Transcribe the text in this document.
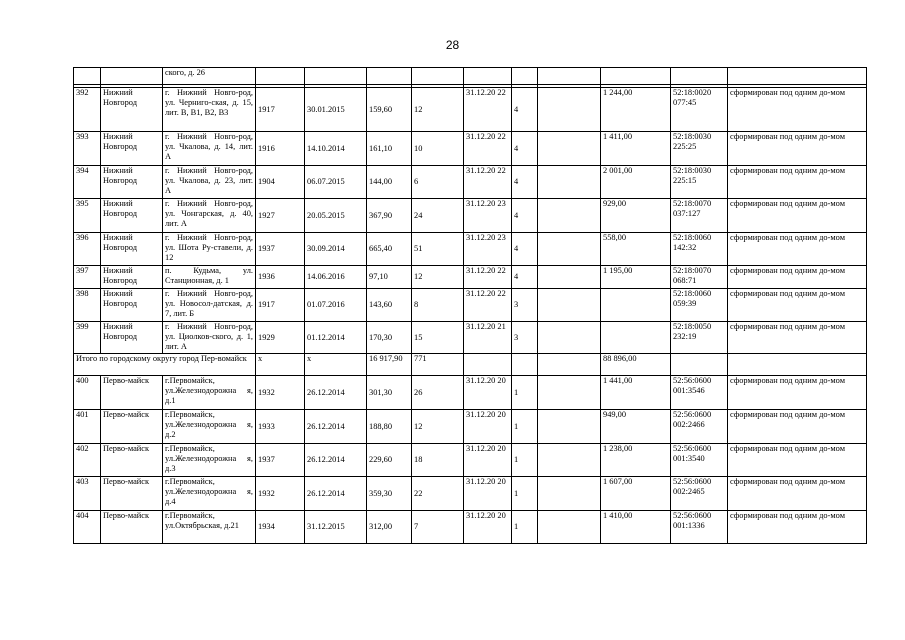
28
		ского, д. 26										

392	Нижний Новгород	г. Нижний Новго-род, ул. Черниго-ская, д. 15, лит. В, В1, В2, В3	1917	30.01.2015	159,60	12	31.12.20 22	4		1 244,00	52:18:0020 077:45	сформирован под одним до-мом
393	Нижний Новгород	г. Нижний Новго-род, ул. Чкалова, д. 14, лит. А	1916	14.10.2014	161,10	10	31.12.20 22	4		1 411,00	52:18:0030 225:25	сформирован под одним до-мом
394	Нижний Новгород	г. Нижний Новго-род, ул. Чкалова, д. 23, лит. А	1904	06.07.2015	144,00	6	31.12.20 22	4		2 001,00	52:18:0030 225:15	сформирован под одним до-мом
395	Нижний Новгород	г. Нижний Новго-род, ул. Чонгарская, д. 40, лит. А	1927	20.05.2015	367,90	24	31.12.20 23	4		929,00	52:18:0070 037:127	сформирован под одним до-мом
396	Нижний Новгород	г. Нижний Новго-род, ул. Шота Ру-ставели, д. 12	1937	30.09.2014	665,40	51	31.12.20 23	4		558,00	52:18:0060 142:32	сформирован под одним до-мом
397	Нижний Новгород	п. Кудьма, ул. Станционная, д. 1	1936	14.06.2016	97,10	12	31.12.20 22	4		1 195,00	52:18:0070 068:71	сформирован под одним до-мом
398	Нижний Новгород	г. Нижний Новго-род, ул. Новосол-датская, д. 7, лит. Б	1917	01.07.2016	143,60	8	31.12.20 22	3			52:18:0060 059:39	сформирован под одним до-мом
399	Нижний Новгород	г. Нижний Новго-род, ул. Циолков-ского, д. 1, лит. А	1929	01.12.2014	170,30	15	31.12.20 21	3			52:18:0050 232:19	сформирован под одним до-мом
Итого по городскому округу город Пер-вомайск			х	х	16 917,90	771				88 896,00		
400	Перво-майск	г.Первомайск, ул.Железнодорожна я, д.1	1932	26.12.2014	301,30	26	31.12.20 20	1		1 441,00	52:56:0600 001:3546	сформирован под одним до-мом
401	Перво-майск	г.Первомайск, ул.Железнодорожна я, д.2	1933	26.12.2014	188,80	12	31.12.20 20	1		949,00	52:56:0600 002:2466	сформирован под одним до-мом
402	Перво-майск	г.Первомайск, ул.Железнодорожна я, д.3	1937	26.12.2014	229,60	18	31.12.20 20	1		1 238,00	52:56:0600 001:3540	сформирован под одним до-мом
403	Перво-майск	г.Первомайск, ул.Железнодорожна я, д.4	1932	26.12.2014	359,30	22	31.12.20 20	1		1 607,00	52:56:0600 002:2465	сформирован под одним до-мом
404	Перво-майск	г.Первомайск, ул.Октябрьская, д.21	1934	31.12.2015	312,00	7	31.12.20 20	1		1 410,00	52:56:0600 001:1336	сформирован под одним до-мом
